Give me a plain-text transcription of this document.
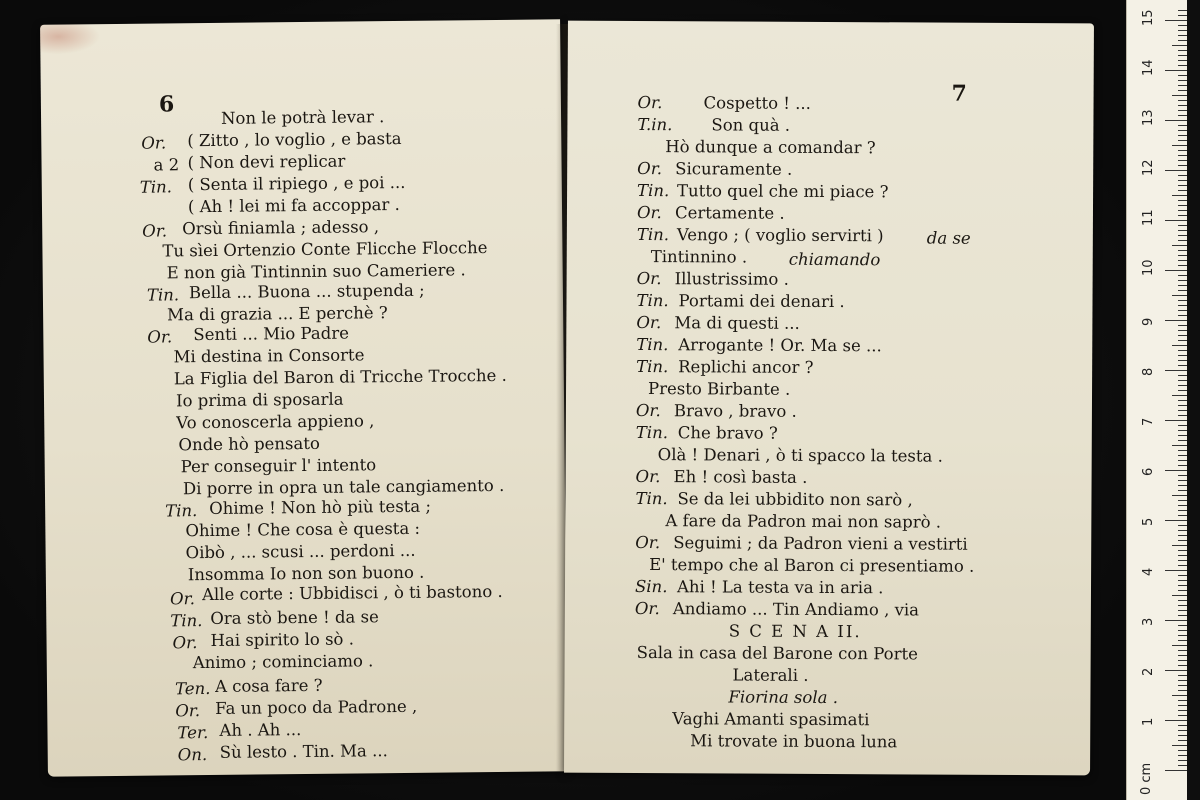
6	Non le potrà levar .
Or. ( Zitto , lo voglio , e basta
a 2 ( Non devi replicar
Tin. ( Senta il ripiego , e poi ...
( Ah ! lei mi fa accoppar .
Or. Orsù finiamla ; adesso ,
Tu sìei Ortenzio Conte Flicche Flocche
E non già Tintinnin suo Cameriere .
Tin. Bella ... Buona ... stupenda ;
Ma di grazia ... E perchè ?
Or. Senti ... Mio Padre
Mi destina in Consorte
La Figlia del Baron di Tricche Trocche .
Io prima di sposarla
Vo conoscerla appieno ,
Onde hò pensato
Per conseguir l' intento
Di porre in opra un tale cangiamento .
Tin. Ohime ! Non hò più testa ;
Ohime ! Che cosa è questa :
Oibò , ... scusi ... perdoni ...
Insomma Io non son buono .
Or. Alle corte : Ubbidisci , ò ti bastono .
Tin. Ora stò bene ! da se
Or. Hai spirito lo sò .
Animo ; cominciamo .
Ten. A cosa fare ?
Or. Fa un poco da Padrone ,
Ter. Ah . Ah ...
On. Sù lesto . Tin. Ma ...
7
Or. Cospetto ! ...
T.in. Son quà .
Hò dunque a comandar ?
Or. Sicuramente .
Tin. Tutto quel che mi piace ?
Or. Certamente .
Tin. Vengo ; ( voglio servirti )	da se
Tintinnino .	chiamando
Or. Illustrissimo .
Tin. Portami dei denari .
Or. Ma di questi ...
Tin. Arrogante ! Or. Ma se ...
Tin. Replichi ancor ?
Presto Birbante .
Or. Bravo , bravo .
Tin. Che bravo ?
Olà ! Denari , ò ti spacco la testa .
Or. Eh ! così basta .
Tin. Se da lei ubbidito non sarò ,
A fare da Padron mai non saprò .
Or. Seguimi ; da Padron vieni a vestirti
E' tempo che al Baron ci presentiamo .
Sin. Ahi ! La testa va in aria .
Or. Andiamo ... Tin Andiamo , via
S C E N A II.
Sala in casa del Barone con Porte
Laterali .
Fiorina sola .
Vaghi Amanti spasimati
Mi trovate in buona luna
1
2
3
4
5
6
7
8
9
10
11
12
13
14
15
0 cm
